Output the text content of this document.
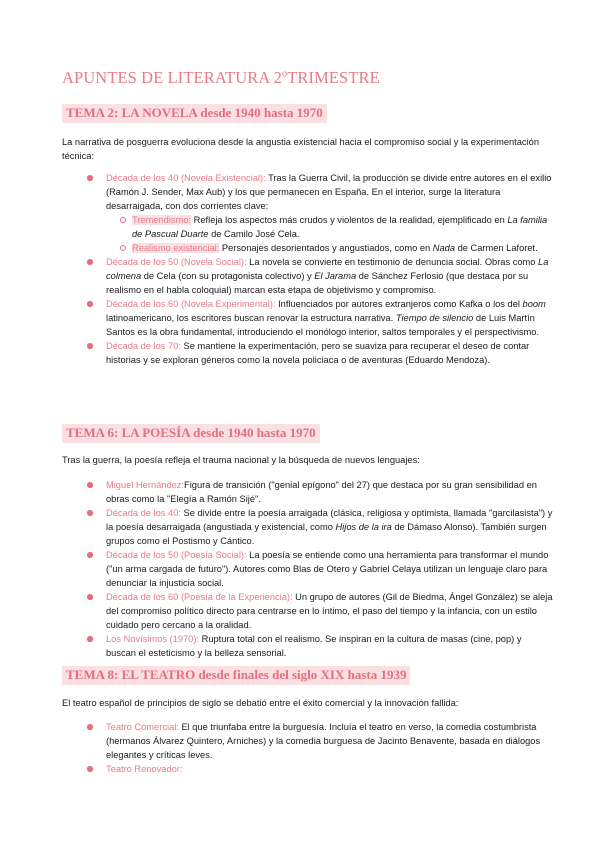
APUNTES DE LITERATURA 2ºTRIMESTRE
TEMA 2: LA NOVELA desde 1940 hasta 1970

La narrativa de posguerra evoluciona desde la angustia existencial hacia el compromiso social y la experimentación técnica:

Década de los 40 (Novela Existencial): Tras la Guerra Civil, la producción se divide entre autores en el exilio (Ramón J. Sender, Max Aub) y los que permanecen en España. En el interior, surge la literatura desarraigada, con dos corrientes clave:
Tremendismo: Refleja los aspectos más crudos y violentos de la realidad, ejemplificado en La familia de Pascual Duarte de Camilo José Cela.
Realismo existencial: Personajes desorientados y angustiados, como en Nada de Carmen Laforet.
Década de los 50 (Novela Social): La novela se convierte en testimonio de denuncia social. Obras como La colmena de Cela (con su protagonista colectivo) y El Jarama de Sánchez Ferlosio (que destaca por su realismo en el habla coloquial) marcan esta etapa de objetivismo y compromiso.
Década de los 60 (Novela Experimental): Influenciados por autores extranjeros como Kafka o los del boom latinoamericano, los escritores buscan renovar la estructura narrativa. Tiempo de silencio de Luis Martín Santos es la obra fundamental, introduciendo el monólogo interior, saltos temporales y el perspectivismo.
Década de los 70: Se mantiene la experimentación, pero se suaviza para recuperar el deseo de contar historias y se exploran géneros como la novela policiaca o de aventuras (Eduardo Mendoza).
TEMA 6: LA POESÍA desde 1940 hasta 1970

Tras la guerra, la poesía refleja el trauma nacional y la búsqueda de nuevos lenguajes:

Miguel Hernández:Figura de transición ("genial epígono" del 27) que destaca por su gran sensibilidad en obras como la "Elegía a Ramón Sijé".
Década de los 40: Se divide entre la poesía arraigada (clásica, religiosa y optimista, llamada "garcilasista") y la poesía desarraigada (angustiada y existencial, como Hijos de la ira de Dámaso Alonso). También surgen grupos como el Postismo y Cántico.
Década de los 50 (Poesía Social): La poesía se entiende como una herramienta para transformar el mundo ("un arma cargada de futuro"). Autores como Blas de Otero y Gabriel Celaya utilizan un lenguaje claro para denunciar la injusticia social.
Década de los 60 (Poesía de la Experiencia): Un grupo de autores (Gil de Biedma, Ángel González) se aleja del compromiso político directo para centrarse en lo íntimo, el paso del tiempo y la infancia, con un estilo cuidado pero cercano a la oralidad.
Los Novísimos (1970): Ruptura total con el realismo. Se inspiran en la cultura de masas (cine, pop) y buscan el esteticismo y la belleza sensorial.
TEMA 8: EL TEATRO desde finales del siglo XIX hasta 1939

El teatro español de principios de siglo se debatió entre el éxito comercial y la innovación fallida:

Teatro Comercial: El que triunfaba entre la burguesía. Incluía el teatro en verso, la comedia costumbrista (hermanos Álvarez Quintero, Arniches) y la comedia burguesa de Jacinto Benavente, basada en diálogos elegantes y críticas leves.
Teatro Renovador:
